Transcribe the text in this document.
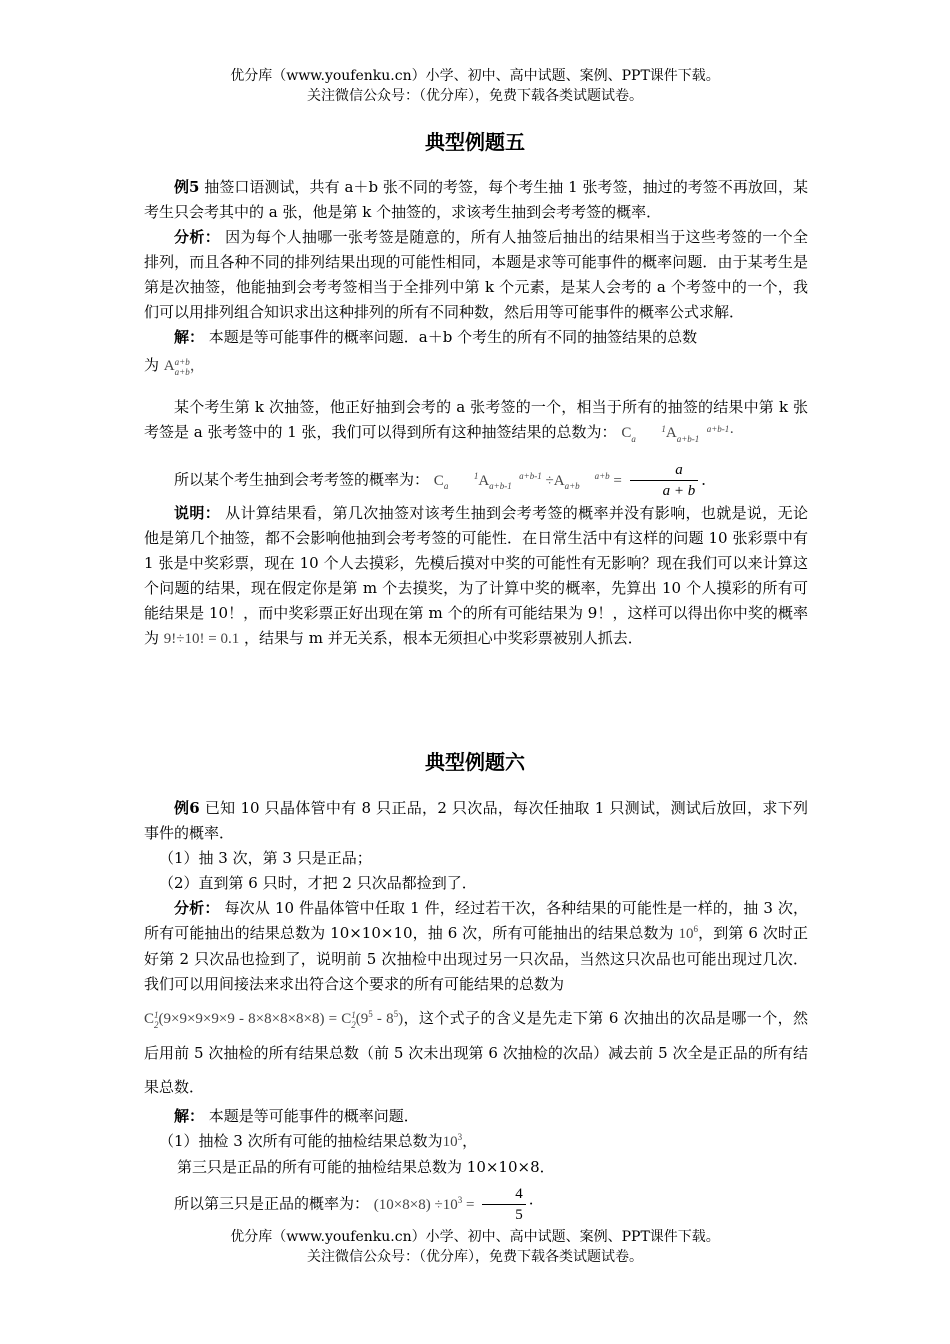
优分库（www.youfenku.cn）小学、初中、高中试题、案例、PPT课件下载。
关注微信公众号：（优分库），免费下载各类试题试卷。
典型例题五

例5 抽签口语测试，共有 a＋b 张不同的考签，每个考生抽 1 张考签，抽过的考签不再放回，某考生只会考其中的 a 张，他是第 k 个抽签的，求该考生抽到会考考签的概率．

分析： 因为每个人抽哪一张考签是随意的，所有人抽签后抽出的结果相当于这些考签的一个全排列，而且各种不同的排列结果出现的可能性相同，本题是求等可能事件的概率问题．由于某考生是第是次抽签，他能抽到会考考签相当于全排列中第 k 个元素，是某人会考的 a 个考签中的一个，我们可以用排列组合知识求出这种排列的所有不同种数，然后用等可能事件的概率公式求解．

解： 本题是等可能事件的概率问题．a＋b 个考生的所有不同的抽签结果的总数

为 Aa+b
a+b，

某个考生第 k 次抽签，他正好抽到会考的 a 张考签的一个，相当于所有的抽签的结果中第 k 张考签是 a 张考签中的 1 张，我们可以得到所有这种抽签结果的总数为： C	1
a A	a+b-1
a+b-1 ·

所以某个考生抽到会考考签的概率为： C	1
a A	a+b-1
a+b-1 ÷A	a+b
$a+b = \frac{a}{a + b}$ ．

说明： 从计算结果看，第几次抽签对该考生抽到会考考签的概率并没有影响，也就是说，无论他是第几个抽签，都不会影响他抽到会考考签的可能性．在日常生活中有这样的问题 10 张彩票中有 1 张是中奖彩票，现在 10 个人去摸彩，先模后摸对中奖的可能性有无影响？现在我们可以来计算这个问题的结果，现在假定你是第 m 个去摸奖，为了计算中奖的概率，先算出 10 个人摸彩的所有可能结果是 10！，而中奖彩票正好出现在第 m 个的所有可能结果为 9！，这样可以得出你中奖的概率为 9!÷10! = 0.1 ，结果与 m 并无关系，根本无须担心中奖彩票被别人抓去．

典型例题六

例6 已知 10 只晶体管中有 8 只正品，2 只次品，每次任抽取 1 只测试，测试后放回，求下列事件的概率．

（1）抽 3 次，第 3 只是正品；

（2）直到第 6 只时，才把 2 只次品都捡到了．

分析： 每次从 10 件晶体管中任取 1 件，经过若干次，各种结果的可能性是一样的，抽 3 次，所有可能抽出的结果总数为 10×10×10，抽 6 次，所有可能抽出的结果总数为 $10^6$，到第 6 次时正好第 2 只次品也捡到了，说明前 5 次抽检中出现过另一只次品，当然这只次品也可能出现过几次．我们可以用间接法来求出符合这个要求的所有可能结果的总数为

C1
2(9×9×9×9×9 - 8×8×8×8×8) = C1
$2(9^5 - 8^5)$，这个式子的含义是先走下第 6 次抽出的次品是哪一个，然后用前 5 次抽检的所有结果总数（前 5 次未出现第 6 次抽检的次品）减去前 5 次全是正品的所有结果总数．

解： 本题是等可能事件的概率问题．

（1）抽检 3 次所有可能的抽检结果总数为$10^3$，

第三只是正品的所有可能的抽检结果总数为 10×10×8．

所以第三只是正品的概率为： $(10\times 8\times 8) \div 10^3 = \frac{4}{5}$ ·

优分库（www.youfenku.cn）小学、初中、高中试题、案例、PPT课件下载。
关注微信公众号：（优分库），免费下载各类试题试卷。
